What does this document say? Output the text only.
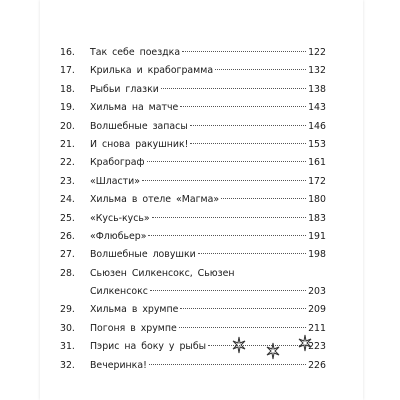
16.	Так себе поездка	122
17.	Крилька и крабограмма	132
18.	Рыбьи глазки	138
19.	Хильма на матче	143
20.	Волшебные запасы	146
21.	И снова ракушник!	153
22.	Крабограф	161
23.	«Шласти»	172
24.	Хильма в отеле «Магма»	180
25.	«Кусь-кусь»	183
26.	«Флюбьер»	191
27.	Волшебные ловушки	198
28.	Сьюзен Силкенсокс, Сьюзен
Силкенсокс	203
29.	Хильма в хрумпе	209
30.	Погоня в хрумпе	211
31.	Пэрис на боку у рыбы	223
32.	Вечеринка!	226
